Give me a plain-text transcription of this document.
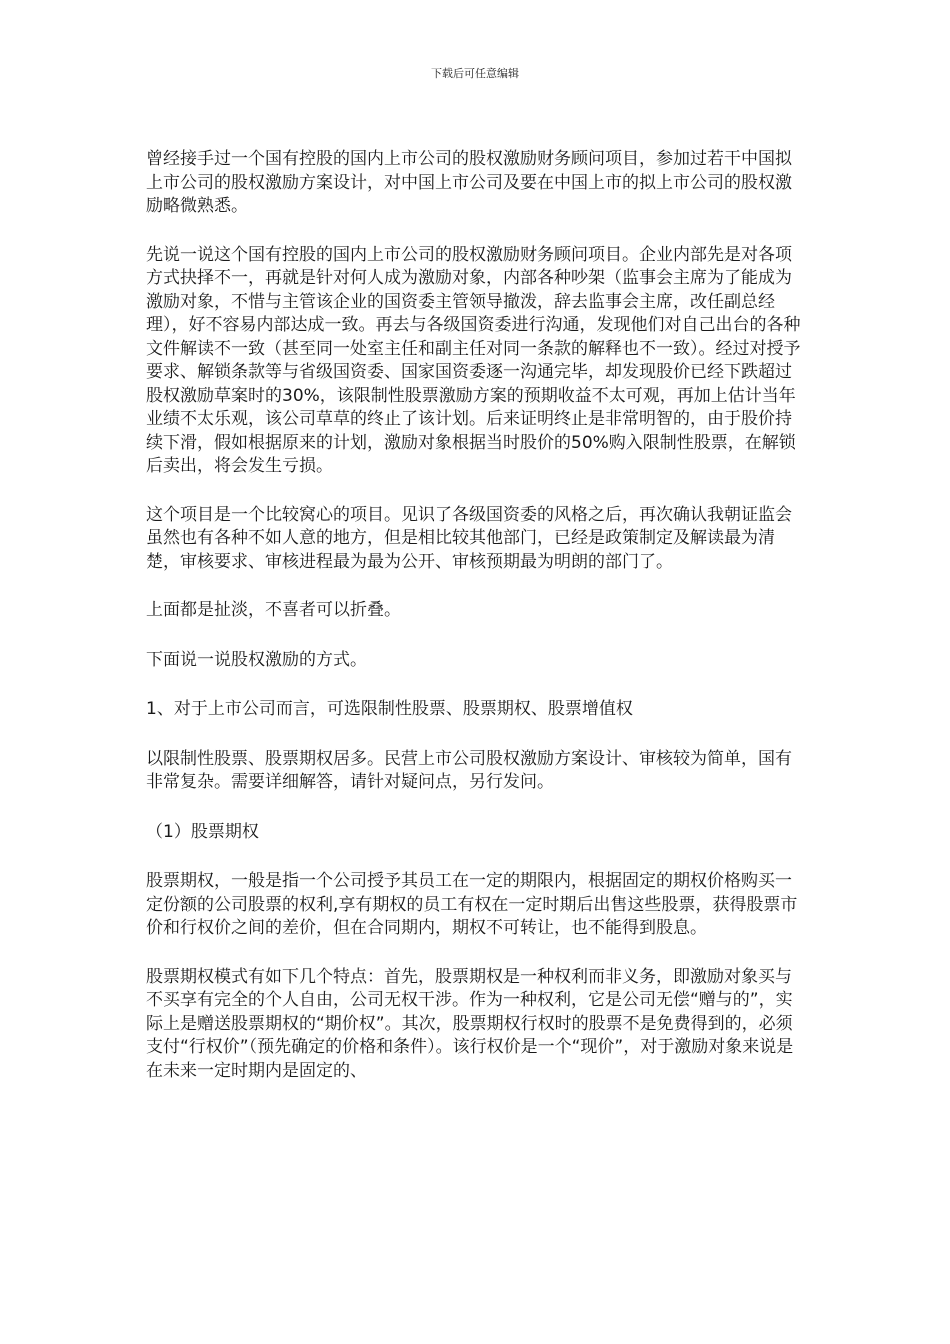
下载后可任意编辑

曾经接手过一个国有控股的国内上市公司的股权激励财务顾问项目，参加过若干中国拟上市公司的股权激励方案设计，对中国上市公司及要在中国上市的拟上市公司的股权激励略微熟悉。

先说一说这个国有控股的国内上市公司的股权激励财务顾问项目。企业内部先是对各项方式抉择不一，再就是针对何人成为激励对象，内部各种吵架（监事会主席为了能成为激励对象，不惜与主管该企业的国资委主管领导撤泼，辞去监事会主席，改任副总经理），好不容易内部达成一致。再去与各级国资委进行沟通，发现他们对自己出台的各种文件解读不一致（甚至同一处室主任和副主任对同一条款的解释也不一致）。经过对授予要求、解锁条款等与省级国资委、国家国资委逐一沟通完毕，却发现股价已经下跌超过股权激励草案时的30%，该限制性股票激励方案的预期收益不太可观，再加上估计当年业绩不太乐观，该公司草草的终止了该计划。后来证明终止是非常明智的，由于股价持续下滑，假如根据原来的计划，激励对象根据当时股价的50%购入限制性股票，在解锁后卖出，将会发生亏损。

这个项目是一个比较窝心的项目。见识了各级国资委的风格之后，再次确认我朝证监会虽然也有各种不如人意的地方，但是相比较其他部门，已经是政策制定及解读最为清楚，审核要求、审核进程最为最为公开、审核预期最为明朗的部门了。

上面都是扯淡，不喜者可以折叠。

下面说一说股权激励的方式。

1、对于上市公司而言，可选限制性股票、股票期权、股票增值权

以限制性股票、股票期权居多。民营上市公司股权激励方案设计、审核较为简单，国有非常复杂。需要详细解答，请针对疑问点，另行发问。

（1）股票期权

股票期权，一般是指一个公司授予其员工在一定的期限内，根据固定的期权价格购买一定份额的公司股票的权利,享有期权的员工有权在一定时期后出售这些股票，获得股票市价和行权价之间的差价，但在合同期内，期权不可转让，也不能得到股息。

股票期权模式有如下几个特点：首先，股票期权是一种权利而非义务，即激励对象买与不买享有完全的个人自由，公司无权干涉。作为一种权利，它是公司无偿“赠与的”，实际上是赠送股票期权的“期价权”。其次，股票期权行权时的股票不是免费得到的，必须支付“行权价”（预先确定的价格和条件）。该行权价是一个“现价”，对于激励对象来说是在未来一定时期内是固定的、
